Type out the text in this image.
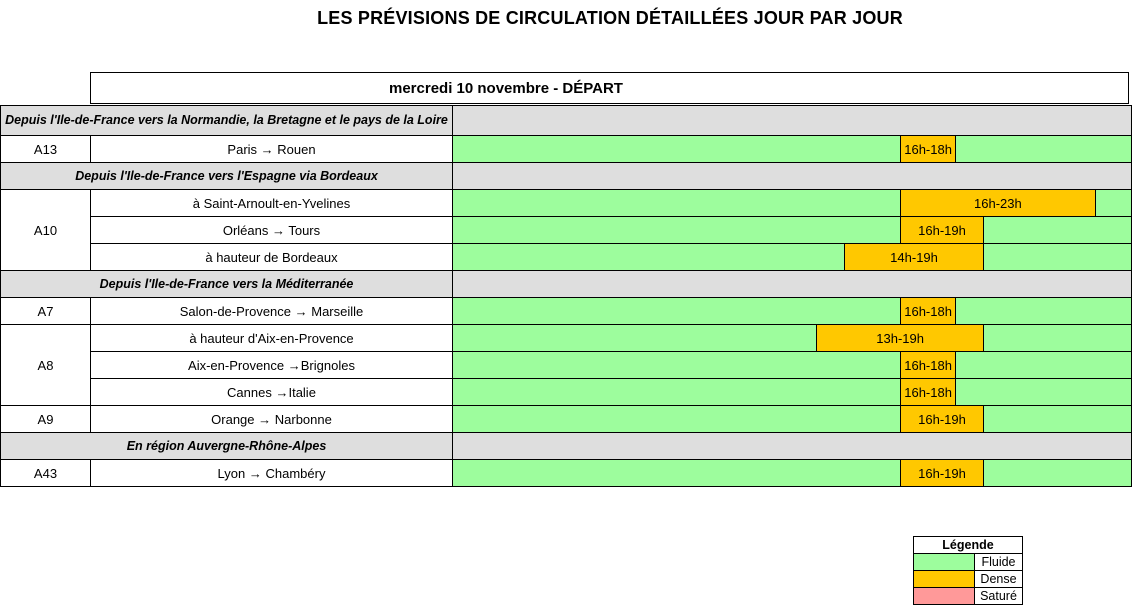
LES PRÉVISIONS DE CIRCULATION DÉTAILLÉES JOUR PAR JOUR
mercredi 10 novembre - DÉPART
Depuis l'Ile-de-France vers la Normandie, la Bretagne et le pays de la Loire		
A13	Paris → Rouen	16h-18h

Depuis l'Ile-de-France vers l'Espagne via Bordeaux		
A10	à Saint-Arnoult-en-Yvelines	16h-23h

	Orléans → Tours	16h-19h

	à hauteur de Bordeaux	14h-19h

Depuis l'Ile-de-France vers la Méditerranée		
A7	Salon-de-Provence → Marseille	16h-18h

A8	à hauteur d'Aix-en-Provence	13h-19h

	Aix-en-Provence →Brignoles	16h-18h

	Cannes →Italie	16h-18h

A9	Orange → Narbonne	16h-19h

En région Auvergne-Rhône-Alpes		
A43	Lyon → Chambéry	16h-19h
Légende	
	Fluide
	Dense
	Saturé
